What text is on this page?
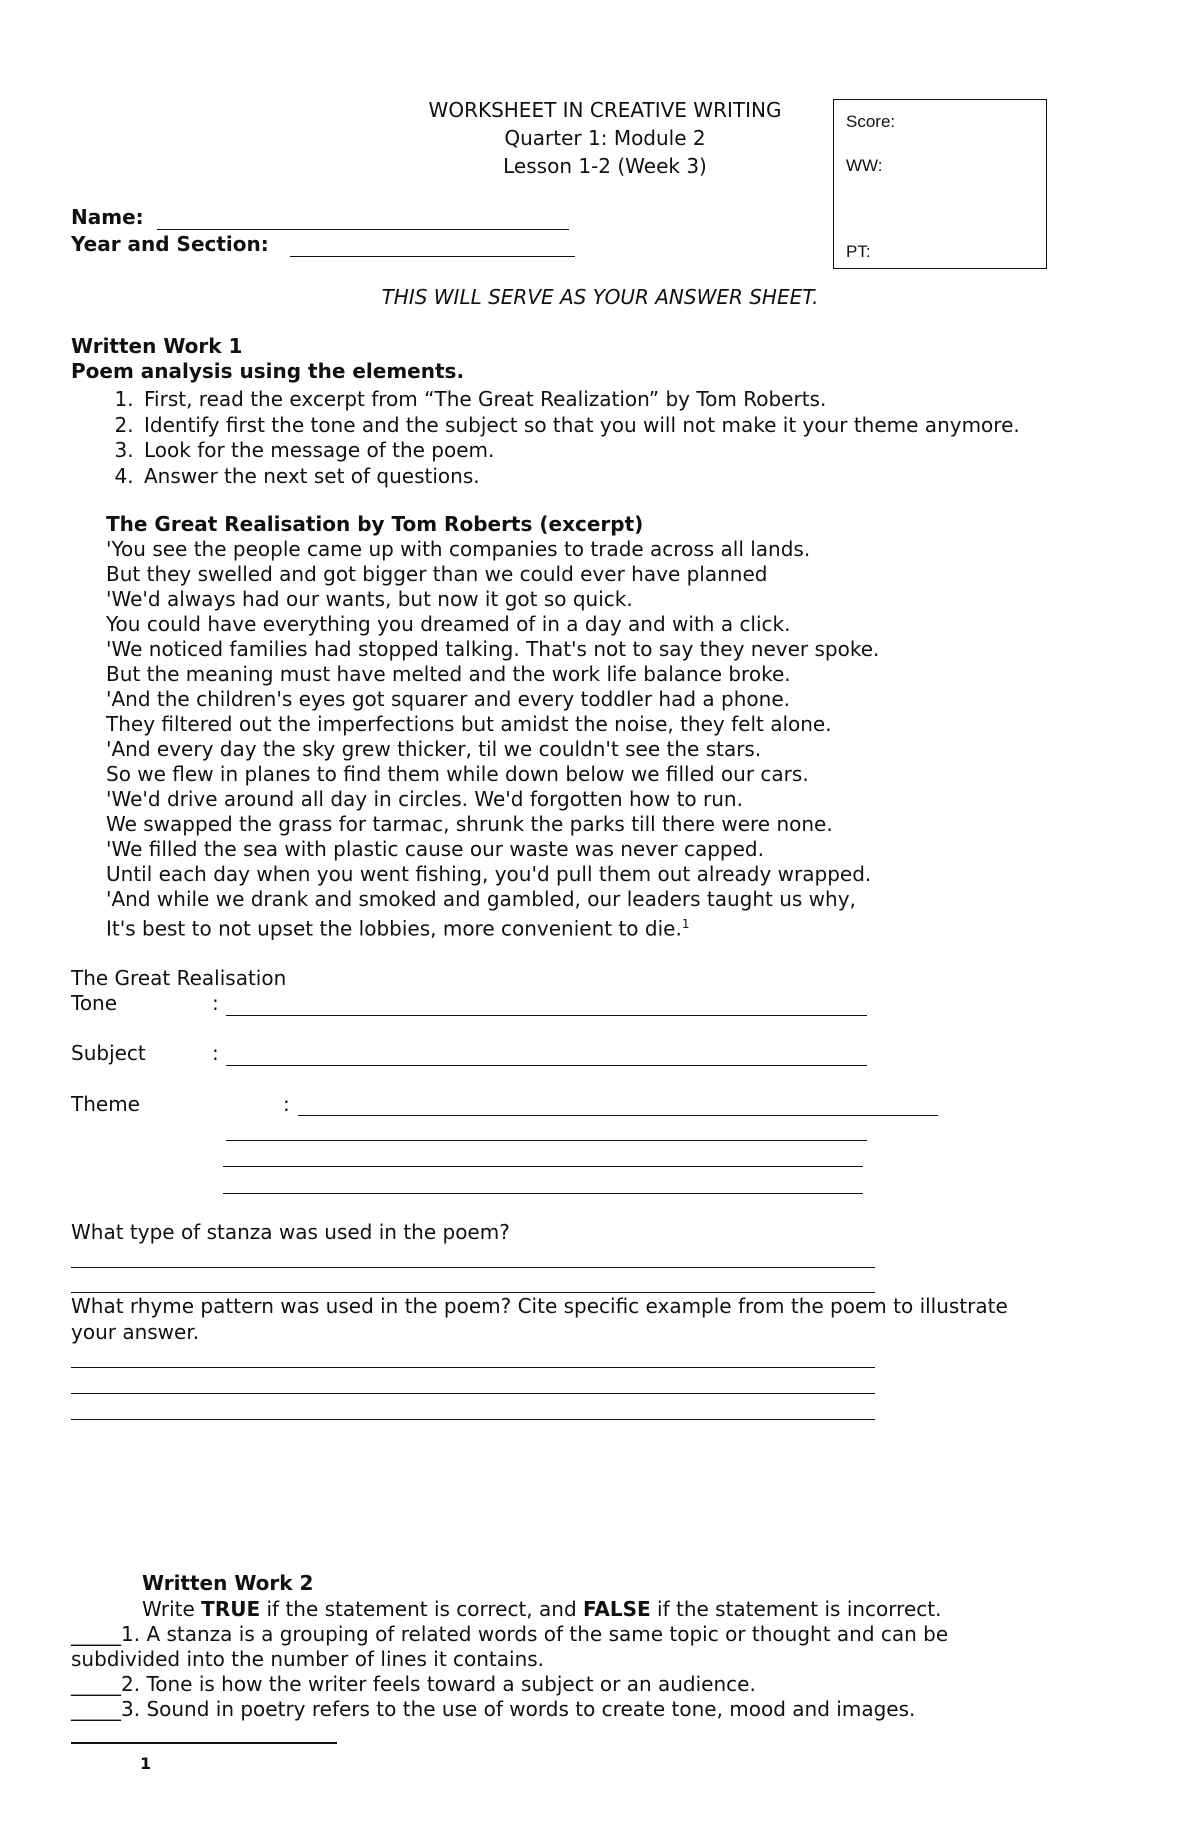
WORKSHEET IN CREATIVE WRITING
Quarter 1: Module 2
Lesson 1-2 (Week 3)
Score:
WW:
PT:
Name:
Year and Section:
THIS WILL SERVE AS YOUR ANSWER SHEET.
Written Work 1
Poem analysis using the elements.
1. First, read the excerpt from “The Great Realization” by Tom Roberts.
2. Identify first the tone and the subject so that you will not make it your theme anymore.
3. Look for the message of the poem.
4. Answer the next set of questions.
The Great Realisation by Tom Roberts (excerpt)
'You see the people came up with companies to trade across all lands.
But they swelled and got bigger than we could ever have planned
'We'd always had our wants, but now it got so quick.
You could have everything you dreamed of in a day and with a click.
'We noticed families had stopped talking. That's not to say they never spoke.
But the meaning must have melted and the work life balance broke.
'And the children's eyes got squarer and every toddler had a phone.
They filtered out the imperfections but amidst the noise, they felt alone.
'And every day the sky grew thicker, til we couldn't see the stars.
So we flew in planes to find them while down below we filled our cars.
'We'd drive around all day in circles. We'd forgotten how to run.
We swapped the grass for tarmac, shrunk the parks till there were none.
'We filled the sea with plastic cause our waste was never capped.
Until each day when you went fishing, you'd pull them out already wrapped.
'And while we drank and smoked and gambled, our leaders taught us why,
It's best to not upset the lobbies, more convenient to die.$^1$
The Great Realisation
Tone	:
Subject	:
Theme	:
What type of stanza was used in the poem?
What rhyme pattern was used in the poem? Cite specific example from the poem to illustrate
your answer.
Written Work 2
Write TRUE if the statement is correct, and FALSE if the statement is incorrect.
_____1. A stanza is a grouping of related words of the same topic or thought and can be
subdivided into the number of lines it contains.
_____2. Tone is how the writer feels toward a subject or an audience.
_____3. Sound in poetry refers to the use of words to create tone, mood and images.
1
